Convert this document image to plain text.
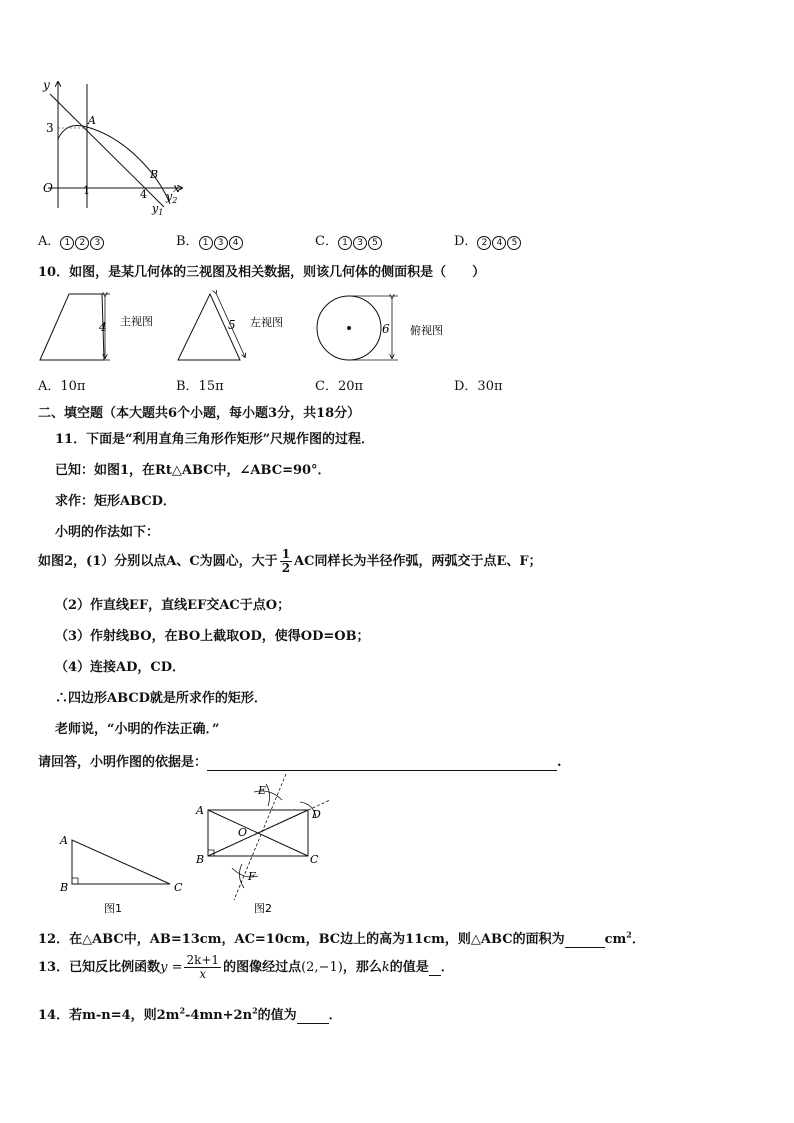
y
x
O	1
3
4
A
B
$y_2$
$y_1$
A． 1 2 3	B． 1 3 4	C． 1 3 5	D． 2 4 5
10．如图，是某几何体的三视图及相关数据，则该几何体的侧面积是（　　）
4 主视图	5 左视图	6 俯视图
A．10π	B．15π	C．20π	D．30π
二、填空题（本大题共6个小题，每小题3分，共18分）
11．下面是“利用直角三角形作矩形”尺规作图的过程．
已知：如图1，在Rt△ABC中，∠ABC=90°．
求作：矩形ABCD．
小明的作法如下：
如图2，(1）分别以点A、C为圆心，大于 $\frac{1}{2}$ AC同样长为半径作弧，两弧交于点E、F；
（2）作直线EF，直线EF交AC于点O；
（3）作射线BO，在BO上截取OD，使得OD=OB；
（4）连接AD，CD．
∴四边形ABCD就是所求作的矩形．
老师说，“小明的作法正确．”
请回答，小明作图的依据是：	.
A
B	C
图1
A
B	C
D
E
F
O
图2
12．在△ABC中，AB=13cm，AC=10cm，BC边上的高为11cm，则△ABC的面积为	$cm^2$．
13．已知反比例函数$y = \frac{2k+1}{x}$ 的图像经过点(2,−1)，那么k的值是 ．
14．若m-n=4，则$2m^2-4mn+2n^2$的值为 ．
